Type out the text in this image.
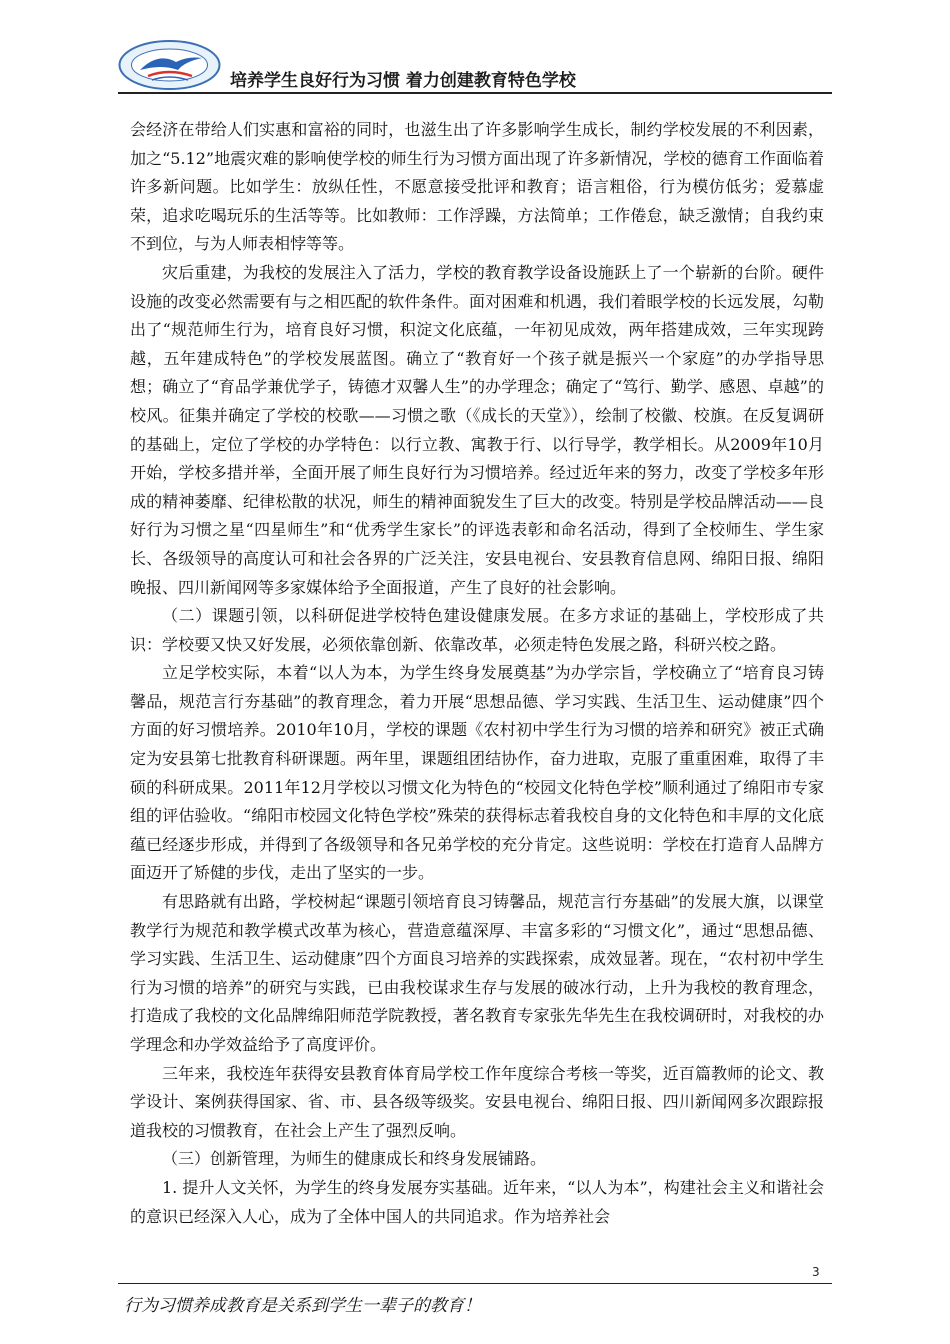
培养学生良好行为习惯 着力创建教育特色学校

会经济在带给人们实惠和富裕的同时，也滋生出了许多影响学生成长，制约学校发展的不利因素，加之“5.12”地震灾难的影响使学校的师生行为习惯方面出现了许多新情况，学校的德育工作面临着许多新问题。比如学生：放纵任性，不愿意接受批评和教育；语言粗俗，行为模仿低劣；爱慕虚荣，追求吃喝玩乐的生活等等。比如教师：工作浮躁，方法简单；工作倦怠，缺乏激情；自我约束不到位，与为人师表相悖等等。

灾后重建，为我校的发展注入了活力，学校的教育教学设备设施跃上了一个崭新的台阶。硬件设施的改变必然需要有与之相匹配的软件条件。面对困难和机遇，我们着眼学校的长远发展，勾勒出了“规范师生行为，培育良好习惯，积淀文化底蕴，一年初见成效，两年搭建成效，三年实现跨越，五年建成特色”的学校发展蓝图。确立了“教育好一个孩子就是振兴一个家庭”的办学指导思想；确立了“育品学兼优学子，铸德才双馨人生”的办学理念；确定了“笃行、勤学、感恩、卓越”的校风。征集并确定了学校的校歌——习惯之歌（《成长的天堂》），绘制了校徽、校旗。在反复调研的基础上，定位了学校的办学特色：以行立教、寓教于行、以行导学，教学相长。从2009年10月开始，学校多措并举，全面开展了师生良好行为习惯培养。经过近年来的努力，改变了学校多年形成的精神萎靡、纪律松散的状况，师生的精神面貌发生了巨大的改变。特别是学校品牌活动——良好行为习惯之星“四星师生”和“优秀学生家长”的评选表彰和命名活动，得到了全校师生、学生家长、各级领导的高度认可和社会各界的广泛关注，安县电视台、安县教育信息网、绵阳日报、绵阳晚报、四川新闻网等多家媒体给予全面报道，产生了良好的社会影响。

（二）课题引领，以科研促进学校特色建设健康发展。在多方求证的基础上，学校形成了共识：学校要又快又好发展，必须依靠创新、依靠改革，必须走特色发展之路，科研兴校之路。

立足学校实际，本着“以人为本，为学生终身发展奠基”为办学宗旨，学校确立了“培育良习铸馨品，规范言行夯基础”的教育理念，着力开展“思想品德、学习实践、生活卫生、运动健康”四个方面的好习惯培养。2010年10月，学校的课题《农村初中学生行为习惯的培养和研究》被正式确定为安县第七批教育科研课题。两年里，课题组团结协作，奋力进取，克服了重重困难，取得了丰硕的科研成果。2011年12月学校以习惯文化为特色的“校园文化特色学校”顺利通过了绵阳市专家组的评估验收。“绵阳市校园文化特色学校”殊荣的获得标志着我校自身的文化特色和丰厚的文化底蕴已经逐步形成，并得到了各级领导和各兄弟学校的充分肯定。这些说明：学校在打造育人品牌方面迈开了矫健的步伐，走出了坚实的一步。

有思路就有出路，学校树起“课题引领培育良习铸馨品，规范言行夯基础”的发展大旗，以课堂教学行为规范和教学模式改革为核心，营造意蕴深厚、丰富多彩的“习惯文化”，通过“思想品德、学习实践、生活卫生、运动健康”四个方面良习培养的实践探索，成效显著。现在，“农村初中学生行为习惯的培养”的研究与实践，已由我校谋求生存与发展的破冰行动，上升为我校的教育理念，打造成了我校的文化品牌绵阳师范学院教授，著名教育专家张先华先生在我校调研时，对我校的办学理念和办学效益给予了高度评价。

三年来，我校连年获得安县教育体育局学校工作年度综合考核一等奖，近百篇教师的论文、教学设计、案例获得国家、省、市、县各级等级奖。安县电视台、绵阳日报、四川新闻网多次跟踪报道我校的习惯教育，在社会上产生了强烈反响。

（三）创新管理，为师生的健康成长和终身发展铺路。

1. 提升人文关怀，为学生的终身发展夯实基础。近年来，“以人为本”，构建社会主义和谐社会的意识已经深入人心，成为了全体中国人的共同追求。作为培养社会

3
行为习惯养成教育是关系到学生一辈子的教育！
